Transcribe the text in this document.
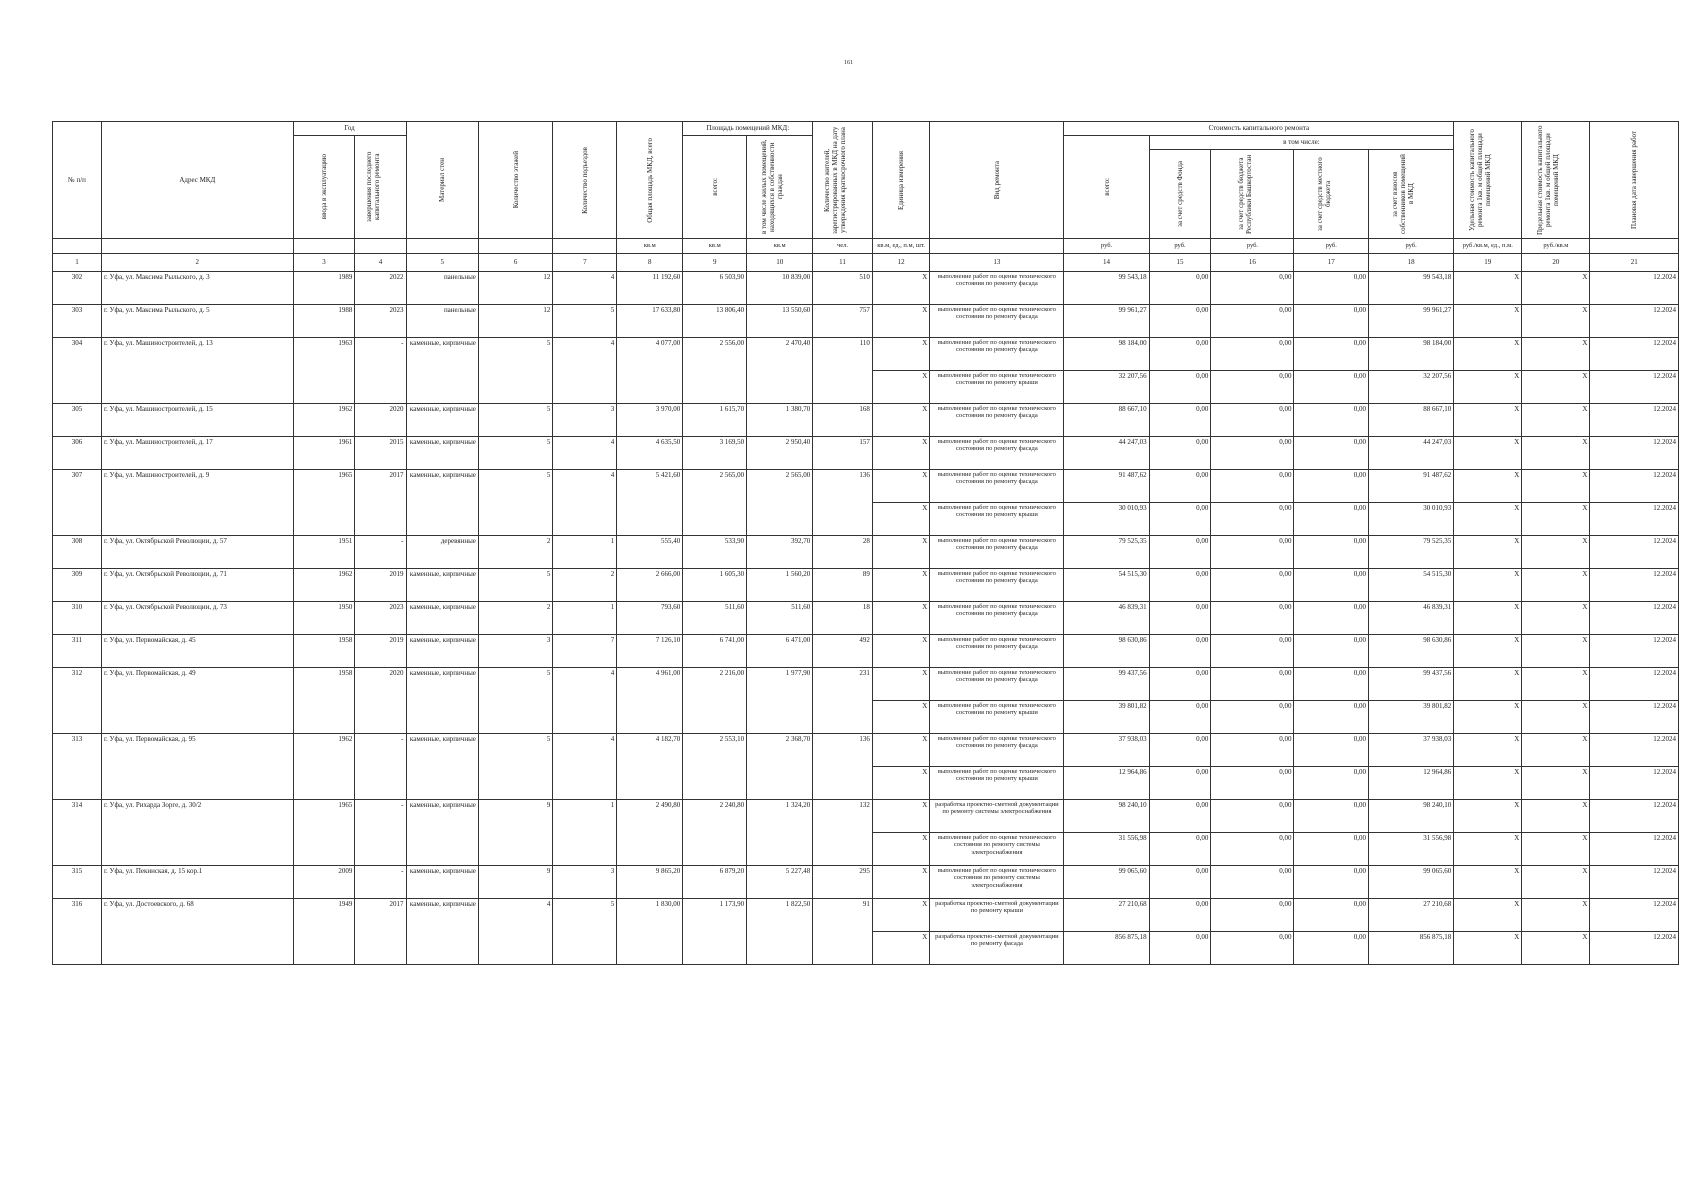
161
№ п/п	Адрес МКД	Год		Материал стен	Количество этажей	Количество подъездов	Общая площадь МКД, всего	Площадь помещений МКД:		Количество жителей, зарегистрированных в МКД на дату утверждения краткосрочного плана	Единица измерения	Вид ремонта	Стоимость капитального ремонта					Удельная стоимость капитального ремонта 1кв. м общей площади помещений МКД	Предельная стоимость капитального ремонта 1кв. м общей площади помещений МКД	Плановая дата завершения работ

		ввода в эксплуатацию	завершения последнего капитального ремонта					всего:	в том числе жилых помещений, находящихся в собственности граждан				всего:	в том числе:						

														за счет средств Фонда	за счет средств бюджета Республики Башкортостан	за счет средств местного бюджета	за счет взносов собственников помещений в МКД			

							кв.м	кв.м	кв.м	чел.	кв.м, ед., п.м, шт.		руб.	руб.	руб.	руб.	руб.	руб./кв.м, ед., п.м.	руб./кв.м	
1	2	3	4	5	6	7	8	9	10	11	12	13	14	15	16	17	18	19	20	21
302	г. Уфа, ул. Максима Рыльского, д. 3	1989	2022	панельные	12	4	11 192,60	6 503,90	10 839,00	510	X	выполнение работ по оценке технического состояния по ремонту фасада	99 543,18	0,00	0,00	0,00	99 543,18	X	X	12.2024
303	г. Уфа, ул. Максима Рыльского, д. 5	1988	2023	панельные	12	5	17 633,80	13 806,40	13 550,60	757	X	выполнение работ по оценке технического состояния по ремонту фасада	99 961,27	0,00	0,00	0,00	99 961,27	X	X	12.2024
304	г. Уфа, ул. Машиностроителей, д. 13	1963	-	каменные, кирпичные	5	4	4 077,00	2 556,00	2 470,40	110	X	выполнение работ по оценке технического состояния по ремонту фасада	98 184,00	0,00	0,00	0,00	98 184,00	X	X	12.2024
											X	выполнение работ по оценке технического состояния по ремонту крыши	32 207,56	0,00	0,00	0,00	32 207,56	X	X	12.2024
305	г. Уфа, ул. Машиностроителей, д. 15	1962	2020	каменные, кирпичные	5	3	3 970,00	1 615,70	1 380,70	168	X	выполнение работ по оценке технического состояния по ремонту фасада	88 667,10	0,00	0,00	0,00	88 667,10	X	X	12.2024
306	г. Уфа, ул. Машиностроителей, д. 17	1961	2015	каменные, кирпичные	5	4	4 635,50	3 169,50	2 950,40	157	X	выполнение работ по оценке технического состояния по ремонту фасада	44 247,03	0,00	0,00	0,00	44 247,03	X	X	12.2024
307	г. Уфа, ул. Машиностроителей, д. 9	1965	2017	каменные, кирпичные	5	4	5 421,60	2 565,00	2 565,00	136	X	выполнение работ по оценке технического состояния по ремонту фасада	91 487,62	0,00	0,00	0,00	91 487,62	X	X	12.2024
											X	выполнение работ по оценке технического состояния по ремонту крыши	30 010,93	0,00	0,00	0,00	30 010,93	X	X	12.2024
308	г. Уфа, ул. Октябрьской Революции, д. 57	1951	-	деревянные	2	1	555,40	533,90	392,70	28	X	выполнение работ по оценке технического состояния по ремонту фасада	79 525,35	0,00	0,00	0,00	79 525,35	X	X	12.2024
309	г. Уфа, ул. Октябрьской Революции, д. 71	1962	2019	каменные, кирпичные	5	2	2 666,00	1 605,30	1 560,20	89	X	выполнение работ по оценке технического состояния по ремонту фасада	54 515,30	0,00	0,00	0,00	54 515,30	X	X	12.2024
310	г. Уфа, ул. Октябрьской Революции, д. 73	1950	2023	каменные, кирпичные	2	1	793,60	511,60	511,60	18	X	выполнение работ по оценке технического состояния по ремонту фасада	46 839,31	0,00	0,00	0,00	46 839,31	X	X	12.2024
311	г. Уфа, ул. Первомайская, д. 45	1958	2019	каменные, кирпичные	3	7	7 126,10	6 741,00	6 471,00	492	X	выполнение работ по оценке технического состояния по ремонту фасада	98 630,86	0,00	0,00	0,00	98 630,86	X	X	12.2024
312	г. Уфа, ул. Первомайская, д. 49	1958	2020	каменные, кирпичные	5	4	4 961,00	2 216,00	1 977,90	231	X	выполнение работ по оценке технического состояния по ремонту фасада	99 437,56	0,00	0,00	0,00	99 437,56	X	X	12.2024
											X	выполнение работ по оценке технического состояния по ремонту крыши	39 801,82	0,00	0,00	0,00	39 801,82	X	X	12.2024
313	г. Уфа, ул. Первомайская, д. 95	1962	-	каменные, кирпичные	5	4	4 182,70	2 553,10	2 368,70	136	X	выполнение работ по оценке технического состояния по ремонту фасада	37 938,03	0,00	0,00	0,00	37 938,03	X	X	12.2024
											X	выполнение работ по оценке технического состояния по ремонту крыши	12 964,86	0,00	0,00	0,00	12 964,86	X	X	12.2024
314	г. Уфа, ул. Рихарда Зорге, д. 30/2	1965	-	каменные, кирпичные	9	1	2 490,80	2 240,80	1 324,20	132	X	разработка проектно-сметной документации по ремонту системы электроснабжения	98 240,10	0,00	0,00	0,00	98 240,10	X	X	12.2024
											X	выполнение работ по оценке технического состояния по ремонту системы электроснабжения	31 556,98	0,00	0,00	0,00	31 556,98	X	X	12.2024
315	г. Уфа, ул. Пекинская, д. 15 кор.1	2009	-	каменные, кирпичные	9	3	9 865,20	6 879,20	5 227,48	295	X	выполнение работ по оценке технического состояния по ремонту системы электроснабжения	99 065,60	0,00	0,00	0,00	99 065,60	X	X	12.2024
316	г. Уфа, ул. Достоевского, д. 68	1949	2017	каменные, кирпичные	4	5	1 830,00	1 173,90	1 822,50	91	X	разработка проектно-сметной документации по ремонту крыши	27 210,68	0,00	0,00	0,00	27 210,68	X	X	12.2024
											X	разработка проектно-сметной документации по ремонту фасада	856 875,18	0,00	0,00	0,00	856 875,18	X	X	12.2024
